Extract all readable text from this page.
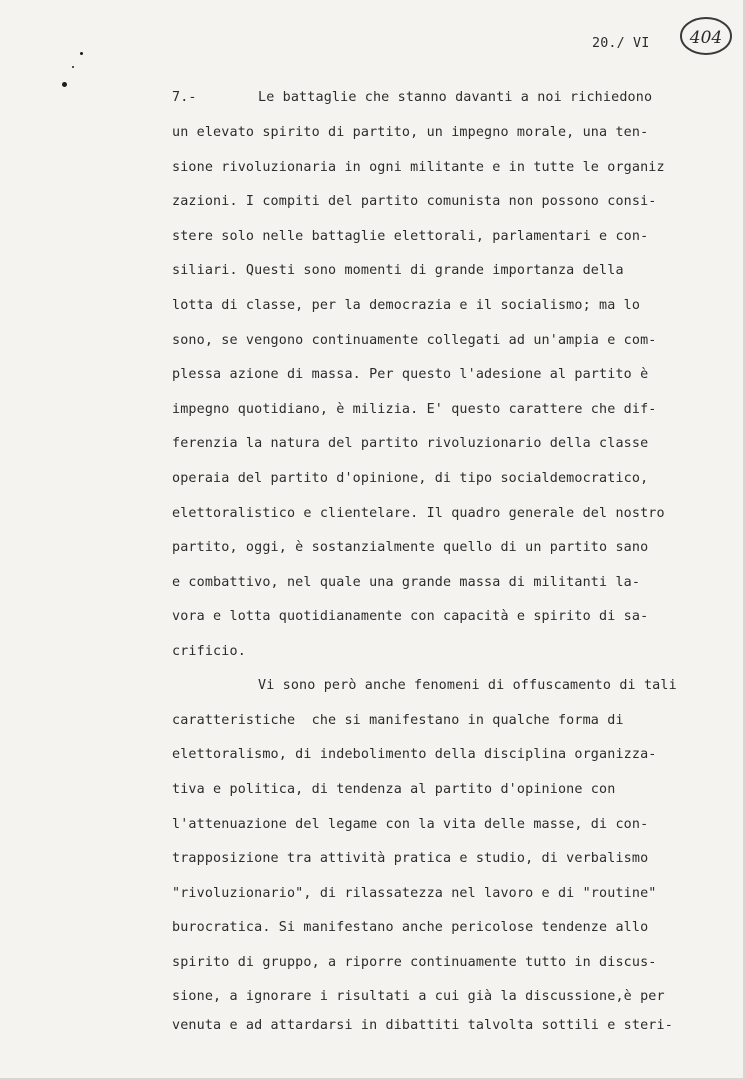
20./ VI 404
7.-	Le battaglie che stanno davanti a noi richiedono
un elevato spirito di partito, un impegno morale, una ten-
sione rivoluzionaria in ogni militante e in tutte le organiz
zazioni. I compiti del partito comunista non possono consi-
stere solo nelle battaglie elettorali, parlamentari e con-
siliari. Questi sono momenti di grande importanza della
lotta di classe, per la democrazia e il socialismo; ma lo
sono, se vengono continuamente collegati ad un'ampia e com-
plessa azione di massa. Per questo l'adesione al partito è
impegno quotidiano, è milizia. E' questo carattere che dif-
ferenzia la natura del partito rivoluzionario della classe
operaia del partito d'opinione, di tipo socialdemocratico,
elettoralistico e clientelare. Il quadro generale del nostro
partito, oggi, è sostanzialmente quello di un partito sano
e combattivo, nel quale una grande massa di militanti la-
vora e lotta quotidianamente con capacità e spirito di sa-
crificio.
Vi sono però anche fenomeni di offuscamento di tali
caratteristiche  che si manifestano in qualche forma di
elettoralismo, di indebolimento della disciplina organizza-
tiva e politica, di tendenza al partito d'opinione con
l'attenuazione del legame con la vita delle masse, di con-
trapposizione tra attività pratica e studio, di verbalismo
"rivoluzionario", di rilassatezza nel lavoro e di "routine"
burocratica. Si manifestano anche pericolose tendenze allo
spirito di gruppo, a riporre continuamente tutto in discus-
sione, a ignorare i risultati a cui già la discussione,è per
venuta e ad attardarsi in dibattiti talvolta sottili e steri-
